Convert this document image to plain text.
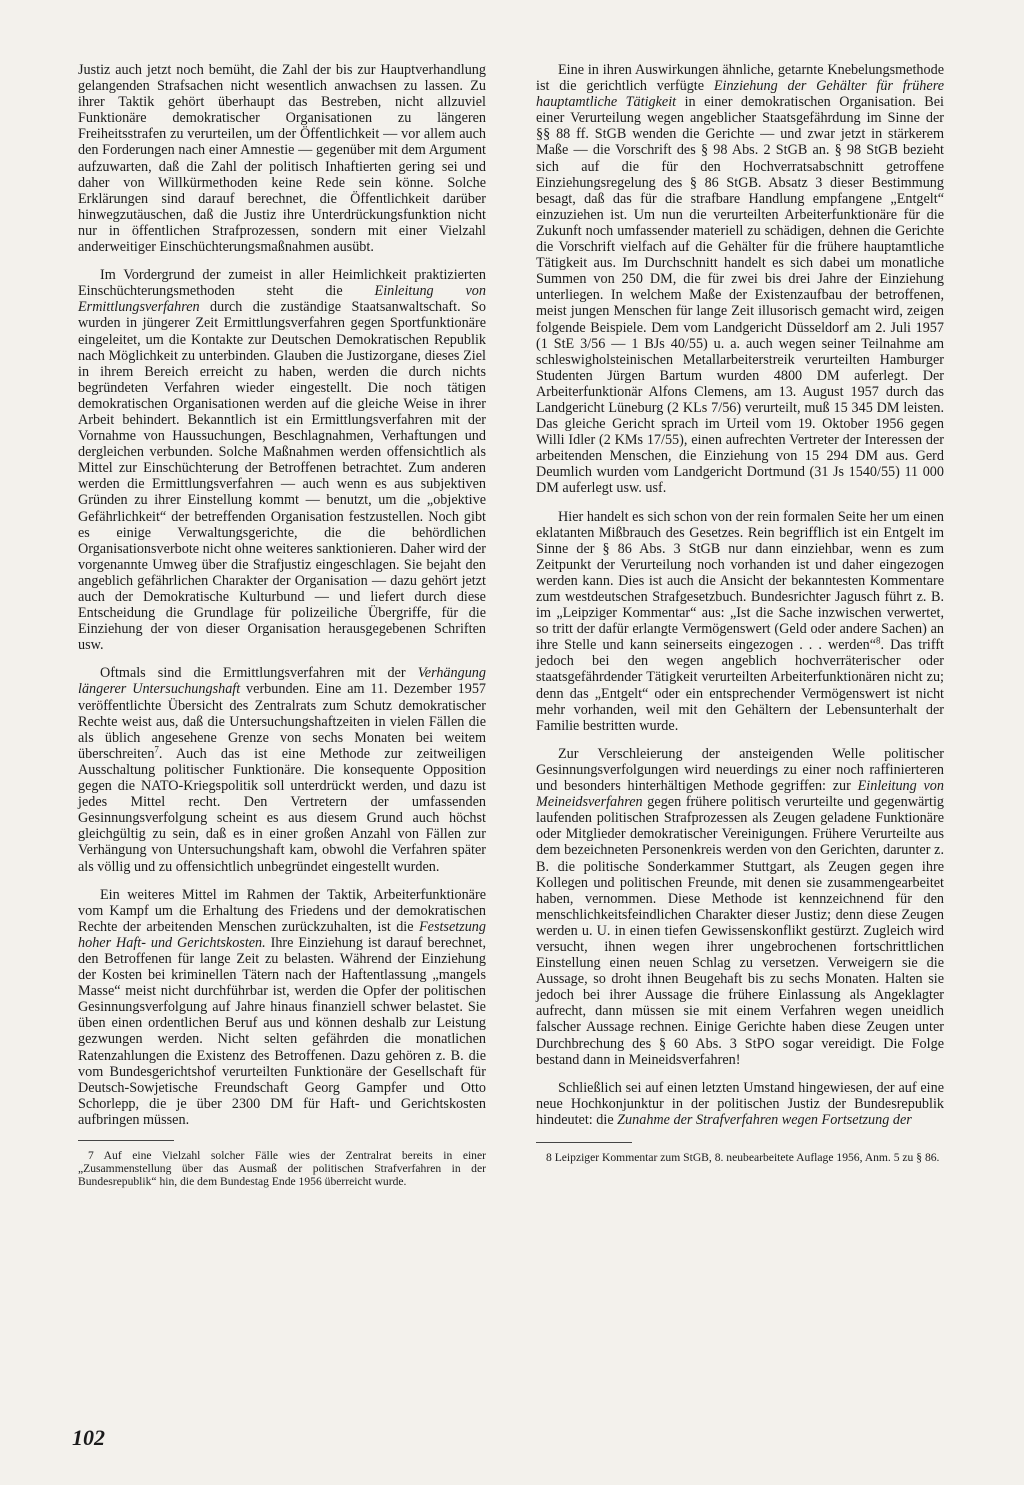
Justiz auch jetzt noch bemüht, die Zahl der bis zur Hauptverhandlung gelangenden Strafsachen nicht wesentlich anwachsen zu lassen. Zu ihrer Taktik gehört überhaupt das Bestreben, nicht allzuviel Funktionäre demokratischer Organisationen zu längeren Freiheitsstrafen zu verurteilen, um der Öffentlichkeit — vor allem auch den Forderungen nach einer Amnestie — gegenüber mit dem Argument aufzuwarten, daß die Zahl der politisch Inhaftierten gering sei und daher von Willkürmethoden keine Rede sein könne. Solche Erklärungen sind darauf berechnet, die Öffentlichkeit darüber hinwegzutäuschen, daß die Justiz ihre Unterdrückungsfunktion nicht nur in öffentlichen Strafprozessen, sondern mit einer Vielzahl anderweitiger Einschüchterungsmaßnahmen ausübt.

Im Vordergrund der zumeist in aller Heimlichkeit praktizierten Einschüchterungsmethoden steht die Einleitung von Ermittlungsverfahren durch die zuständige Staatsanwaltschaft. So wurden in jüngerer Zeit Ermittlungsverfahren gegen Sportfunktionäre eingeleitet, um die Kontakte zur Deutschen Demokratischen Republik nach Möglichkeit zu unterbinden. Glauben die Justizorgane, dieses Ziel in ihrem Bereich erreicht zu haben, werden die durch nichts begründeten Verfahren wieder eingestellt. Die noch tätigen demokratischen Organisationen werden auf die gleiche Weise in ihrer Arbeit behindert. Bekanntlich ist ein Ermittlungsverfahren mit der Vornahme von Haussuchungen, Beschlagnahmen, Verhaftungen und dergleichen verbunden. Solche Maßnahmen werden offensichtlich als Mittel zur Einschüchterung der Betroffenen betrachtet. Zum anderen werden die Ermittlungsverfahren — auch wenn es aus subjektiven Gründen zu ihrer Einstellung kommt — benutzt, um die „objektive Gefährlichkeit“ der betreffenden Organisation festzustellen. Noch gibt es einige Verwaltungsgerichte, die die behördlichen Organisationsverbote nicht ohne weiteres sanktionieren. Daher wird der vorgenannte Umweg über die Strafjustiz eingeschlagen. Sie bejaht den angeblich gefährlichen Charakter der Organisation — dazu gehört jetzt auch der Demokratische Kulturbund — und liefert durch diese Entscheidung die Grundlage für polizeiliche Übergriffe, für die Einziehung der von dieser Organisation herausgegebenen Schriften usw.

Oftmals sind die Ermittlungsverfahren mit der Verhängung längerer Untersuchungshaft verbunden. Eine am 11. Dezember 1957 veröffentlichte Übersicht des Zentralrats zum Schutz demokratischer Rechte weist aus, daß die Untersuchungshaftzeiten in vielen Fällen die als üblich angesehene Grenze von sechs Monaten bei weitem überschreiten$^7$. Auch das ist eine Methode zur zeitweiligen Ausschaltung politischer Funktionäre. Die konsequente Opposition gegen die NATO-Kriegspolitik soll unterdrückt werden, und dazu ist jedes Mittel recht. Den Vertretern der umfassenden Gesinnungsverfolgung scheint es aus diesem Grund auch höchst gleichgültig zu sein, daß es in einer großen Anzahl von Fällen zur Verhängung von Untersuchungshaft kam, obwohl die Verfahren später als völlig und zu offensichtlich unbegründet eingestellt wurden.

Ein weiteres Mittel im Rahmen der Taktik, Arbeiterfunktionäre vom Kampf um die Erhaltung des Friedens und der demokratischen Rechte der arbeitenden Menschen zurückzuhalten, ist die Festsetzung hoher Haft- und Gerichtskosten. Ihre Einziehung ist darauf berechnet, den Betroffenen für lange Zeit zu belasten. Während der Einziehung der Kosten bei kriminellen Tätern nach der Haftentlassung „mangels Masse“ meist nicht durchführbar ist, werden die Opfer der politischen Gesinnungsverfolgung auf Jahre hinaus finanziell schwer belastet. Sie üben einen ordentlichen Beruf aus und können deshalb zur Leistung gezwungen werden. Nicht selten gefährden die monatlichen Ratenzahlungen die Existenz des Betroffenen. Dazu gehören z. B. die vom Bundesgerichtshof verurteilten Funktionäre der Gesellschaft für Deutsch-Sowjetische Freundschaft Georg Gampfer und Otto Schorlepp, die je über 2300 DM für Haft- und Gerichtskosten aufbringen müssen.

7 Auf eine Vielzahl solcher Fälle wies der Zentralrat bereits in einer „Zusammenstellung über das Ausmaß der politischen Strafverfahren in der Bundesrepublik“ hin, die dem Bundestag Ende 1956 überreicht wurde.

Eine in ihren Auswirkungen ähnliche, getarnte Knebelungsmethode ist die gerichtlich verfügte Einziehung der Gehälter für frühere hauptamtliche Tätigkeit in einer demokratischen Organisation. Bei einer Verurteilung wegen angeblicher Staatsgefährdung im Sinne der §§ 88 ff. StGB wenden die Gerichte — und zwar jetzt in stärkerem Maße — die Vorschrift des § 98 Abs. 2 StGB an. § 98 StGB bezieht sich auf die für den Hochverratsabschnitt getroffene Einziehungsregelung des § 86 StGB. Absatz 3 dieser Bestimmung besagt, daß das für die strafbare Handlung empfangene „Entgelt“ einzuziehen ist. Um nun die verurteilten Arbeiterfunktionäre für die Zukunft noch umfassender materiell zu schädigen, dehnen die Gerichte die Vorschrift vielfach auf die Gehälter für die frühere hauptamtliche Tätigkeit aus. Im Durchschnitt handelt es sich dabei um monatliche Summen von 250 DM, die für zwei bis drei Jahre der Einziehung unterliegen. In welchem Maße der Existenzaufbau der betroffenen, meist jungen Menschen für lange Zeit illusorisch gemacht wird, zeigen folgende Beispiele. Dem vom Landgericht Düsseldorf am 2. Juli 1957 (1 StE 3/56 — 1 BJs 40/55) u. a. auch wegen seiner Teilnahme am schleswigholsteinischen Metallarbeiterstreik verurteilten Hamburger Studenten Jürgen Bartum wurden 4800 DM auferlegt. Der Arbeiterfunktionär Alfons Clemens, am 13. August 1957 durch das Landgericht Lüneburg (2 KLs 7/56) verurteilt, muß 15 345 DM leisten. Das gleiche Gericht sprach im Urteil vom 19. Oktober 1956 gegen Willi Idler (2 KMs 17/55), einen aufrechten Vertreter der Interessen der arbeitenden Menschen, die Einziehung von 15 294 DM aus. Gerd Deumlich wurden vom Landgericht Dortmund (31 Js 1540/55) 11 000 DM auferlegt usw. usf.

Hier handelt es sich schon von der rein formalen Seite her um einen eklatanten Mißbrauch des Gesetzes. Rein begrifflich ist ein Entgelt im Sinne der § 86 Abs. 3 StGB nur dann einziehbar, wenn es zum Zeitpunkt der Verurteilung noch vorhanden ist und daher eingezogen werden kann. Dies ist auch die Ansicht der bekanntesten Kommentare zum westdeutschen Strafgesetzbuch. Bundesrichter Jagusch führt z. B. im „Leipziger Kommentar“ aus: „Ist die Sache inzwischen verwertet, so tritt der dafür erlangte Vermögenswert (Geld oder andere Sachen) an ihre Stelle und kann seinerseits eingezogen . . . werden“$^8$. Das trifft jedoch bei den wegen angeblich hochverräterischer oder staatsgefährdender Tätigkeit verurteilten Arbeiterfunktionären nicht zu; denn das „Entgelt“ oder ein entsprechender Vermögenswert ist nicht mehr vorhanden, weil mit den Gehältern der Lebensunterhalt der Familie bestritten wurde.

Zur Verschleierung der ansteigenden Welle politischer Gesinnungsverfolgungen wird neuerdings zu einer noch raffinierteren und besonders hinterhältigen Methode gegriffen: zur Einleitung von Meineidsverfahren gegen frühere politisch verurteilte und gegenwärtig laufenden politischen Strafprozessen als Zeugen geladene Funktionäre oder Mitglieder demokratischer Vereinigungen. Frühere Verurteilte aus dem bezeichneten Personenkreis werden von den Gerichten, darunter z. B. die politische Sonderkammer Stuttgart, als Zeugen gegen ihre Kollegen und politischen Freunde, mit denen sie zusammengearbeitet haben, vernommen. Diese Methode ist kennzeichnend für den menschlichkeitsfeindlichen Charakter dieser Justiz; denn diese Zeugen werden u. U. in einen tiefen Gewissenskonflikt gestürzt. Zugleich wird versucht, ihnen wegen ihrer ungebrochenen fortschrittlichen Einstellung einen neuen Schlag zu versetzen. Verweigern sie die Aussage, so droht ihnen Beugehaft bis zu sechs Monaten. Halten sie jedoch bei ihrer Aussage die frühere Einlassung als Angeklagter aufrecht, dann müssen sie mit einem Verfahren wegen uneidlich falscher Aussage rechnen. Einige Gerichte haben diese Zeugen unter Durchbrechung des § 60 Abs. 3 StPO sogar vereidigt. Die Folge bestand dann in Meineidsverfahren!

Schließlich sei auf einen letzten Umstand hingewiesen, der auf eine neue Hochkonjunktur in der politischen Justiz der Bundesrepublik hindeutet: die Zunahme der Strafverfahren wegen Fortsetzung der

8 Leipziger Kommentar zum StGB, 8. neubearbeitete Auflage 1956, Anm. 5 zu § 86.

102
